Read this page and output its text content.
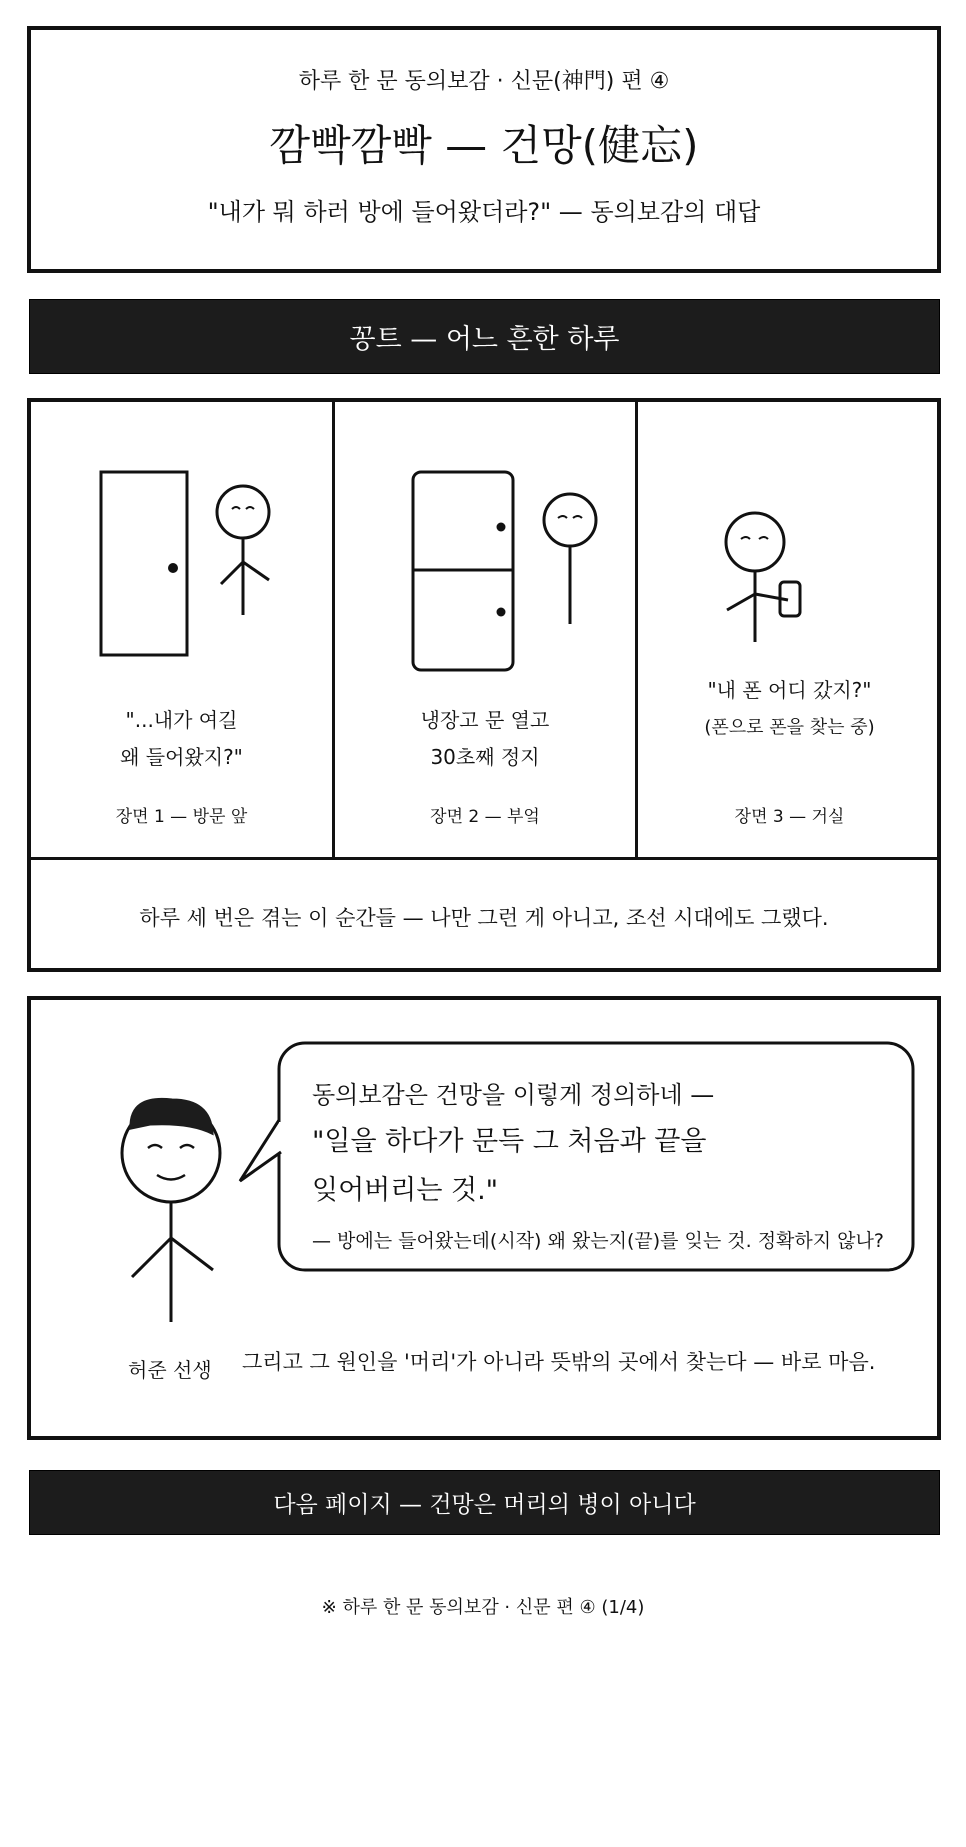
하루 한 문 동의보감 · 신문(神門) 편 ④
깜빡깜빡 — 건망(健忘)
"내가 뭐 하러 방에 들어왔더라?" — 동의보감의 대답
꽁트 — 어느 흔한 하루
"...내가 여길
왜 들어왔지?"
장면 1 — 방문 앞
냉장고 문 열고
30초째 정지
장면 2 — 부엌
"내 폰 어디 갔지?"
(폰으로 폰을 찾는 중)
장면 3 — 거실
하루 세 번은 겪는 이 순간들 — 나만 그런 게 아니고, 조선 시대에도 그랬다.
동의보감은 건망을 이렇게 정의하네 —
"일을 하다가 문득 그 처음과 끝을
잊어버리는 것."
— 방에는 들어왔는데(시작) 왜 왔는지(끝)를 잊는 것. 정확하지 않나?
허준 선생 그리고 그 원인을 '머리'가 아니라 뜻밖의 곳에서 찾는다 — 바로 마음.
다음 페이지 — 건망은 머리의 병이 아니다
※ 하루 한 문 동의보감 · 신문 편 ④ (1/4)
